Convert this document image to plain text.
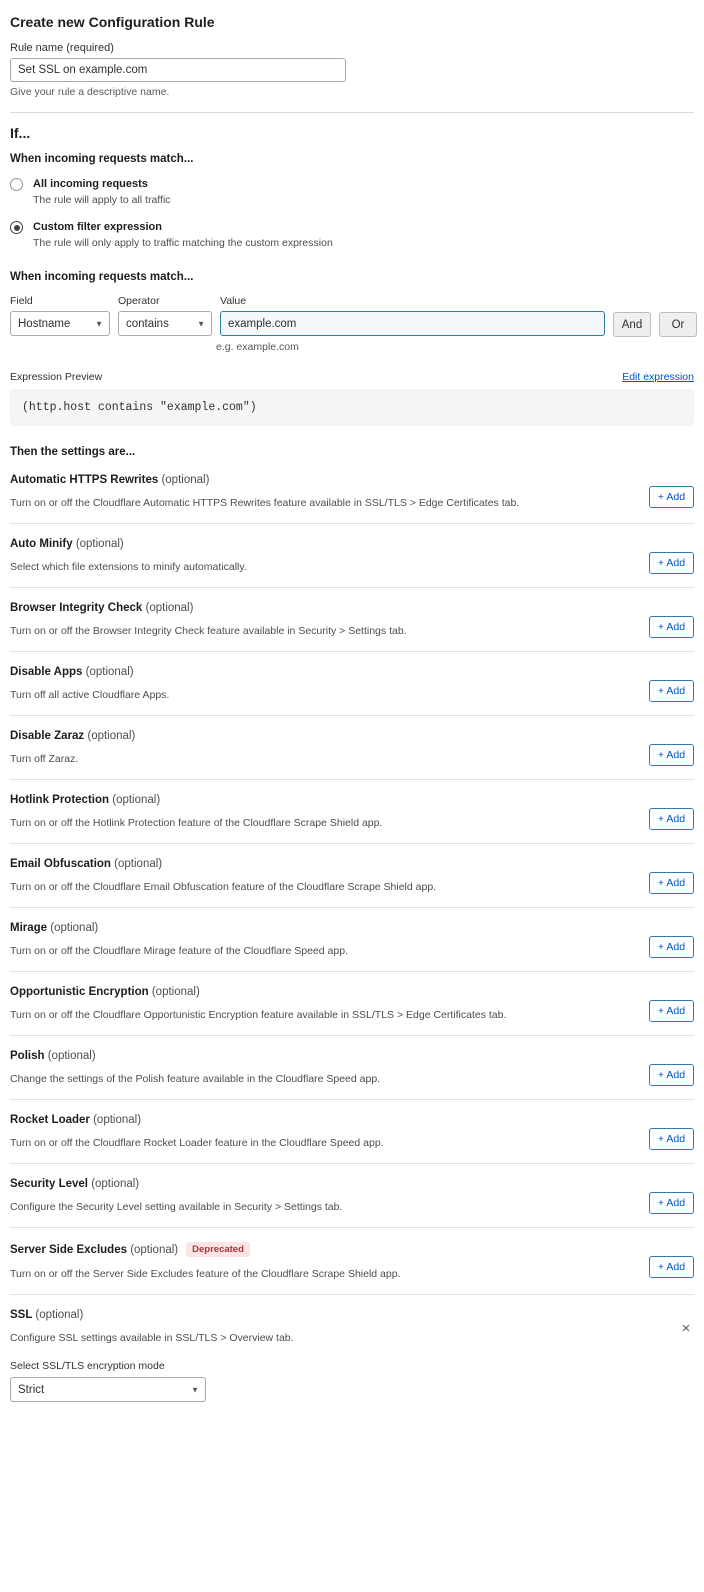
Create new Configuration Rule
Rule name (required)
Set SSL on example.com
Give your rule a descriptive name.
If...
When incoming requests match...
All incoming requests
The rule will apply to all traffic
Custom filter expression
The rule will only apply to traffic matching the custom expression
When incoming requests match...
Field
Hostname
▼
Operator
contains
▼
Value
example.com
And	Or
e.g. example.com
Expression Preview	Edit expression
(http.host contains "example.com")
Then the settings are...
Automatic HTTPS Rewrites (optional)
Turn on or off the Cloudflare Automatic HTTPS Rewrites feature available in SSL/TLS > Edge Certificates tab.	+ Add
Auto Minify (optional)
Select which file extensions to minify automatically.	+ Add
Browser Integrity Check (optional)
Turn on or off the Browser Integrity Check feature available in Security > Settings tab.	+ Add
Disable Apps (optional)
Turn off all active Cloudflare Apps.	+ Add
Disable Zaraz (optional)
Turn off Zaraz.	+ Add
Hotlink Protection (optional)
Turn on or off the Hotlink Protection feature of the Cloudflare Scrape Shield app.	+ Add
Email Obfuscation (optional)
Turn on or off the Cloudflare Email Obfuscation feature of the Cloudflare Scrape Shield app.	+ Add
Mirage (optional)
Turn on or off the Cloudflare Mirage feature of the Cloudflare Speed app.	+ Add
Opportunistic Encryption (optional)
Turn on or off the Cloudflare Opportunistic Encryption feature available in SSL/TLS > Edge Certificates tab.	+ Add
Polish (optional)
Change the settings of the Polish feature available in the Cloudflare Speed app.	+ Add
Rocket Loader (optional)
Turn on or off the Cloudflare Rocket Loader feature in the Cloudflare Speed app.	+ Add
Security Level (optional)
Configure the Security Level setting available in Security > Settings tab.	+ Add
Server Side Excludes (optional) Deprecated
Turn on or off the Server Side Excludes feature of the Cloudflare Scrape Shield app.
+ Add
SSL (optional)
Configure SSL settings available in SSL/TLS > Overview tab.
×
Select SSL/TLS encryption mode
Strict
▼
